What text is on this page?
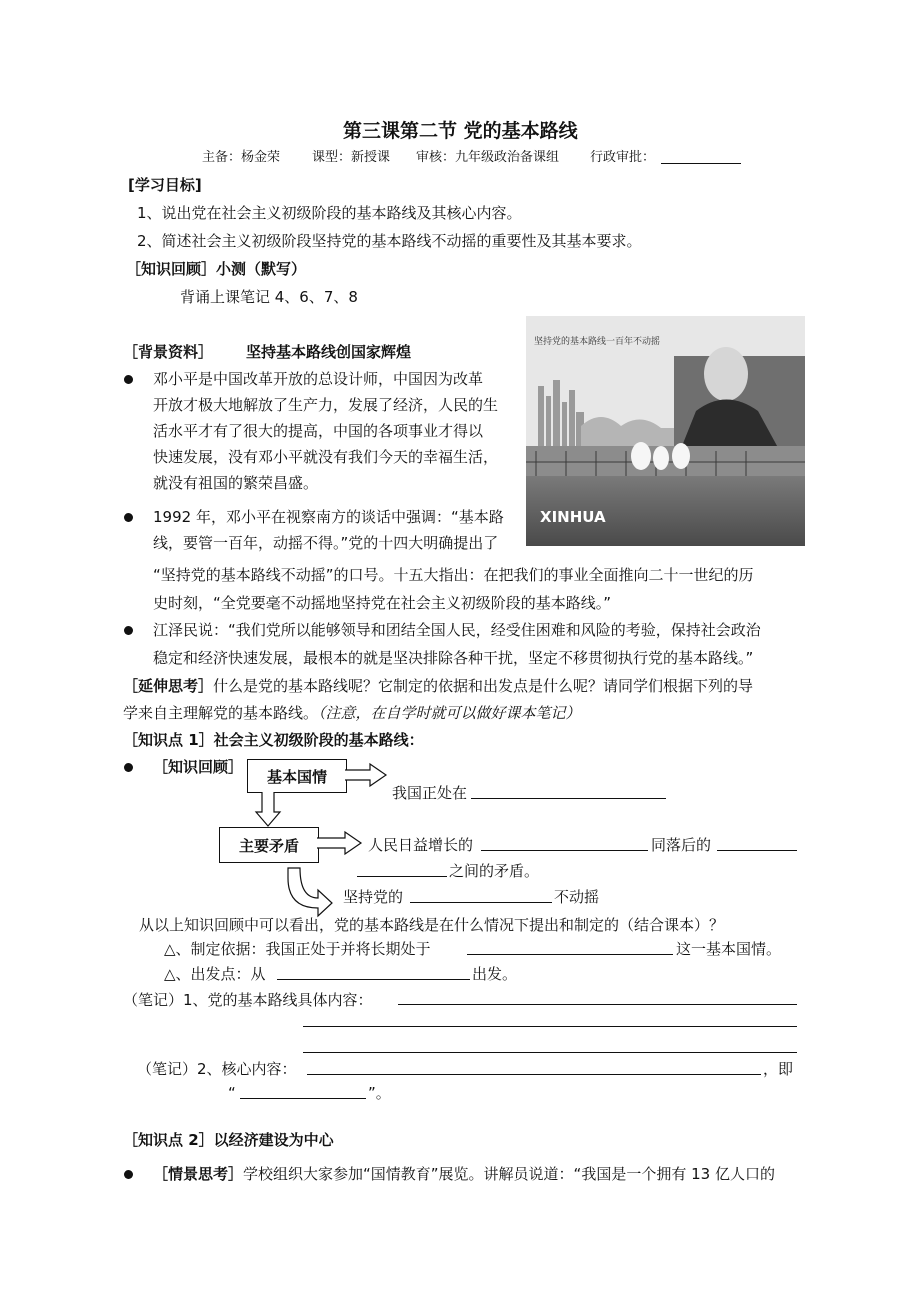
第三课第二节 党的基本路线
主备：杨金荣 课型：新授课 审核：九年级政治备课组 行政审批：
[学习目标]
1、说出党在社会主义初级阶段的基本路线及其核心内容。
2、简述社会主义初级阶段坚持党的基本路线不动摇的重要性及其基本要求。
［知识回顾］小测（默写）
背诵上课笔记 4、6、7、8
［背景资料］ 坚持基本路线创国家辉煌
坚持党的基本路线一百年不动摇
XINHUA
邓小平是中国改革开放的总设计师，中国因为改革
开放才极大地解放了生产力，发展了经济，人民的生
活水平才有了很大的提高，中国的各项事业才得以
快速发展，没有邓小平就没有我们今天的幸福生活，
就没有祖国的繁荣昌盛。
1992 年，邓小平在视察南方的谈话中强调：“基本路
线，要管一百年，动摇不得。”党的十四大明确提出了
“坚持党的基本路线不动摇”的口号。十五大指出：在把我们的事业全面推向二十一世纪的历
史时刻，“全党要毫不动摇地坚持党在社会主义初级阶段的基本路线。”
江泽民说：“我们党所以能够领导和团结全国人民，经受住困难和风险的考验，保持社会政治
稳定和经济快速发展，最根本的就是坚决排除各种干扰，坚定不移贯彻执行党的基本路线。”
［延伸思考］什么是党的基本路线呢？它制定的依据和出发点是什么呢？请同学们根据下列的导
学来自主理解党的基本路线。（注意，在自学时就可以做好课本笔记）
［知识点 1］社会主义初级阶段的基本路线：
［知识回顾］
基本国情
主要矛盾
我国正处在
人民日益增长的	同落后的
之间的矛盾。
坚持党的	不动摇
从以上知识回顾中可以看出，党的基本路线是在什么情况下提出和制定的（结合课本）？
△、制定依据：我国正处于并将长期处于	这一基本国情。
△、出发点：从	出发。
（笔记）1、党的基本路线具体内容：
（笔记）2、核心内容：	，即
“	”。
［知识点 2］以经济建设为中心
［情景思考］学校组织大家参加“国情教育”展览。讲解员说道：“我国是一个拥有 13 亿人口的
